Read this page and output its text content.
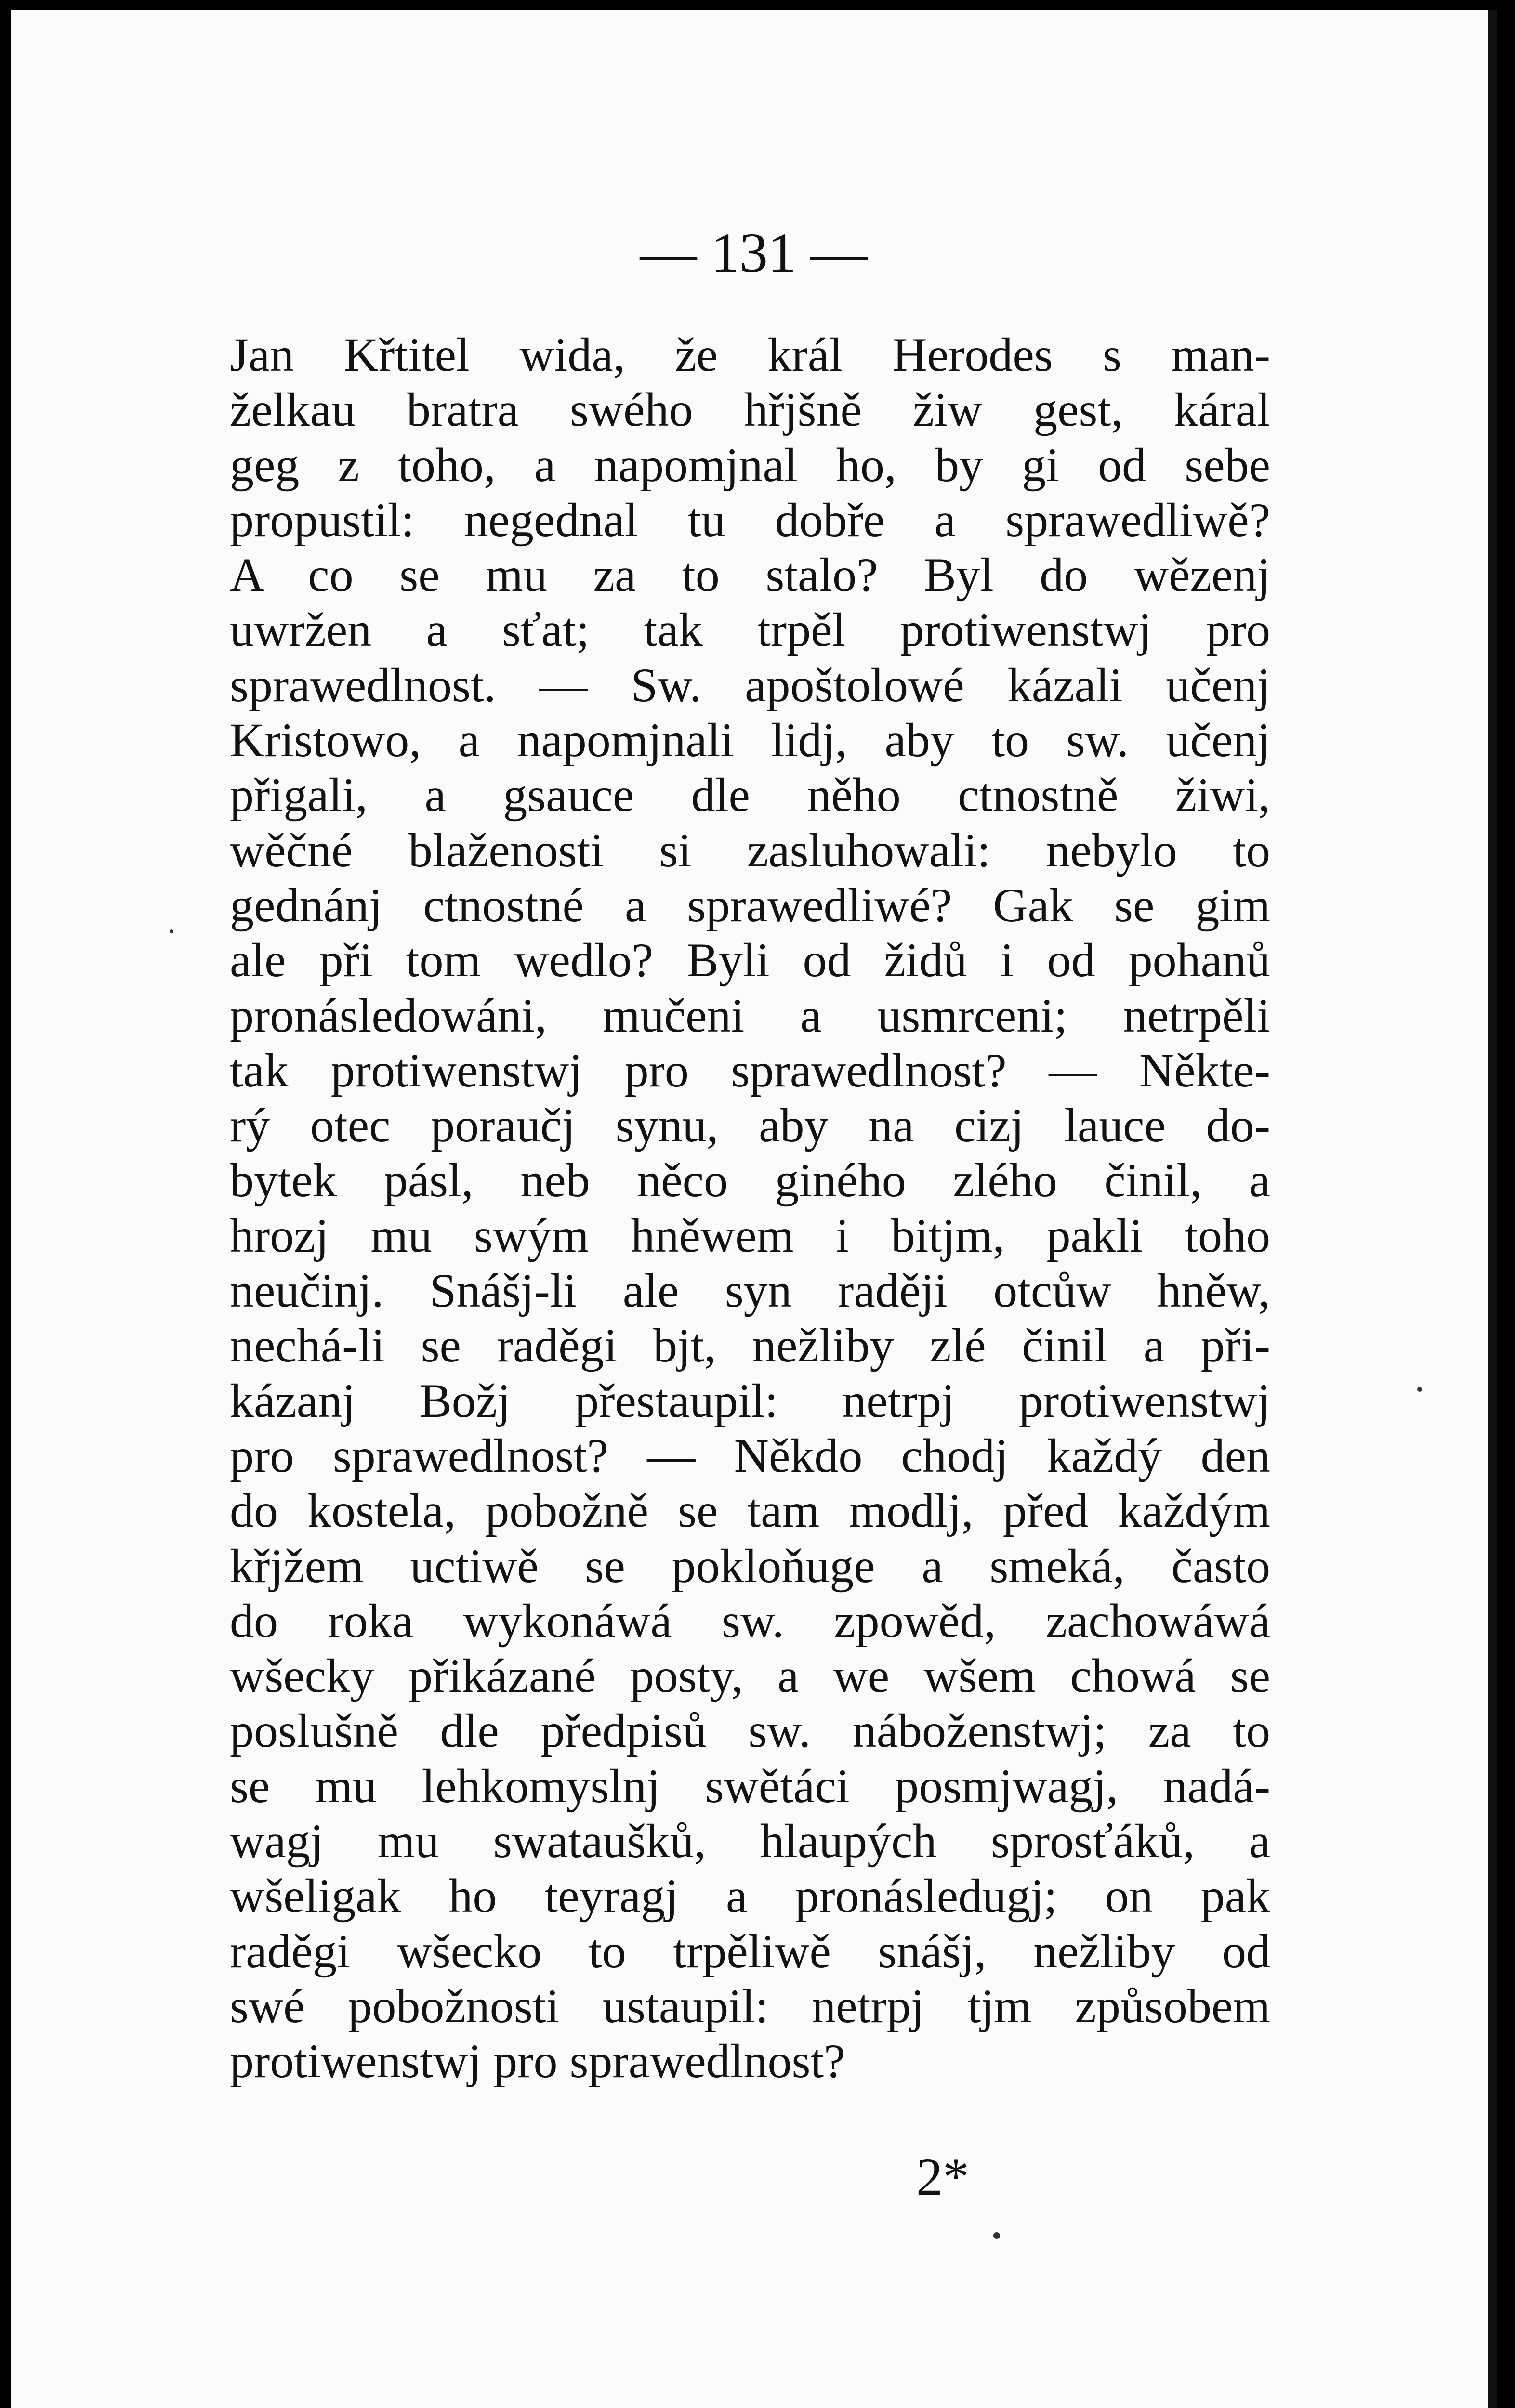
— 131 —
Jan Křtitel wida, že král Herodes s man-
želkau bratra swého hřjšně žiw gest, káral
geg z toho, a napomjnal ho, by gi od sebe
propustil: negednal tu dobře a sprawedliwě?
A co se mu za to stalo? Byl do wězenj
uwržen a sťat; tak trpěl protiwenstwj pro
sprawedlnost. — Sw. apoštolowé kázali učenj
Kristowo, a napomjnali lidj, aby to sw. učenj
přigali, a gsauce dle něho ctnostně žiwi,
wěčné blaženosti si zasluhowali: nebylo to
gednánj ctnostné a sprawedliwé? Gak se gim
ale při tom wedlo? Byli od židů i od pohanů
pronásledowáni, mučeni a usmrceni; netrpěli
tak protiwenstwj pro sprawedlnost? — Někte-
rý otec poraučj synu, aby na cizj lauce do-
bytek pásl, neb něco giného zlého činil, a
hrozj mu swým hněwem i bitjm, pakli toho
neučinj. Snášj-li ale syn raději otcůw hněw,
nechá-li se raděgi bjt, nežliby zlé činil a při-
kázanj Božj přestaupil: netrpj protiwenstwj
pro sprawedlnost? — Někdo chodj každý den
do kostela, pobožně se tam modlj, před každým
křjžem uctiwě se pokloňuge a smeká, často
do roka wykonáwá sw. zpowěd, zachowáwá
wšecky přikázané posty, a we wšem chowá se
poslušně dle předpisů sw. náboženstwj; za to
se mu lehkomyslnj swětáci posmjwagj, nadá-
wagj mu swataušků, hlaupých sprosťáků, a
wšeligak ho teyragj a pronásledugj; on pak
raděgi wšecko to trpěliwě snášj, nežliby od
swé pobožnosti ustaupil: netrpj tjm způsobem
protiwenstwj pro sprawedlnost?
2*
